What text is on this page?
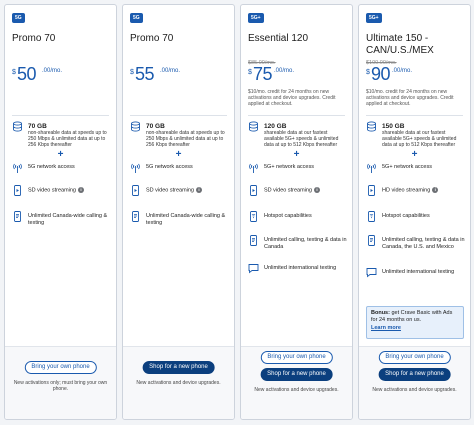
5G
Promo 70
$ 50 .00/mo.
70 GB
non-shareable data at speeds up to 250 Mbps & unlimited data at up to 256 Kbps thereafter
+
5G network access
SD video streaming i
Unlimited Canada-wide calling & texting
Bring your own phone
New activations only; must bring your own phone.
5G
Promo 70
$ 55 .00/mo.
70 GB
non-shareable data at speeds up to 250 Mbps & unlimited data at up to 256 Kbps thereafter
+
5G network access
SD video streaming i
Unlimited Canada-wide calling & texting
Shop for a new phone
New activations and device upgrades.
5G+
Essential 120
$85.00/mo.
$ 75 .00/mo.
$10/mo. credit for 24 months on new activations and device upgrades. Credit applied at checkout.
120 GB
shareable data at our fastest available 5G+ speeds & unlimited data at up to 512 Kbps thereafter
+
5G+ network access
SD video streaming i
Hotspot capabilities
Unlimited calling, texting & data in Canada
Unlimited international texting
Bring your own phone
Shop for a new phone
New activations and device upgrades.
5G+
Ultimate 150 - CAN/U.S./MEX
$100.00/mo.
$ 90 .00/mo.
$10/mo. credit for 24 months on new activations and device upgrades. Credit applied at checkout.
150 GB
shareable data at our fastest available 5G+ speeds & unlimited data at up to 512 Kbps thereafter
+
5G+ network access
HD video streaming i
Hotspot capabilities
Unlimited calling, texting & data in Canada, the U.S. and Mexico
Unlimited international texting
Bonus: get Crave Basic with Ads for 24 months on us.
Learn more
Bring your own phone
Shop for a new phone
New activations and device upgrades.
